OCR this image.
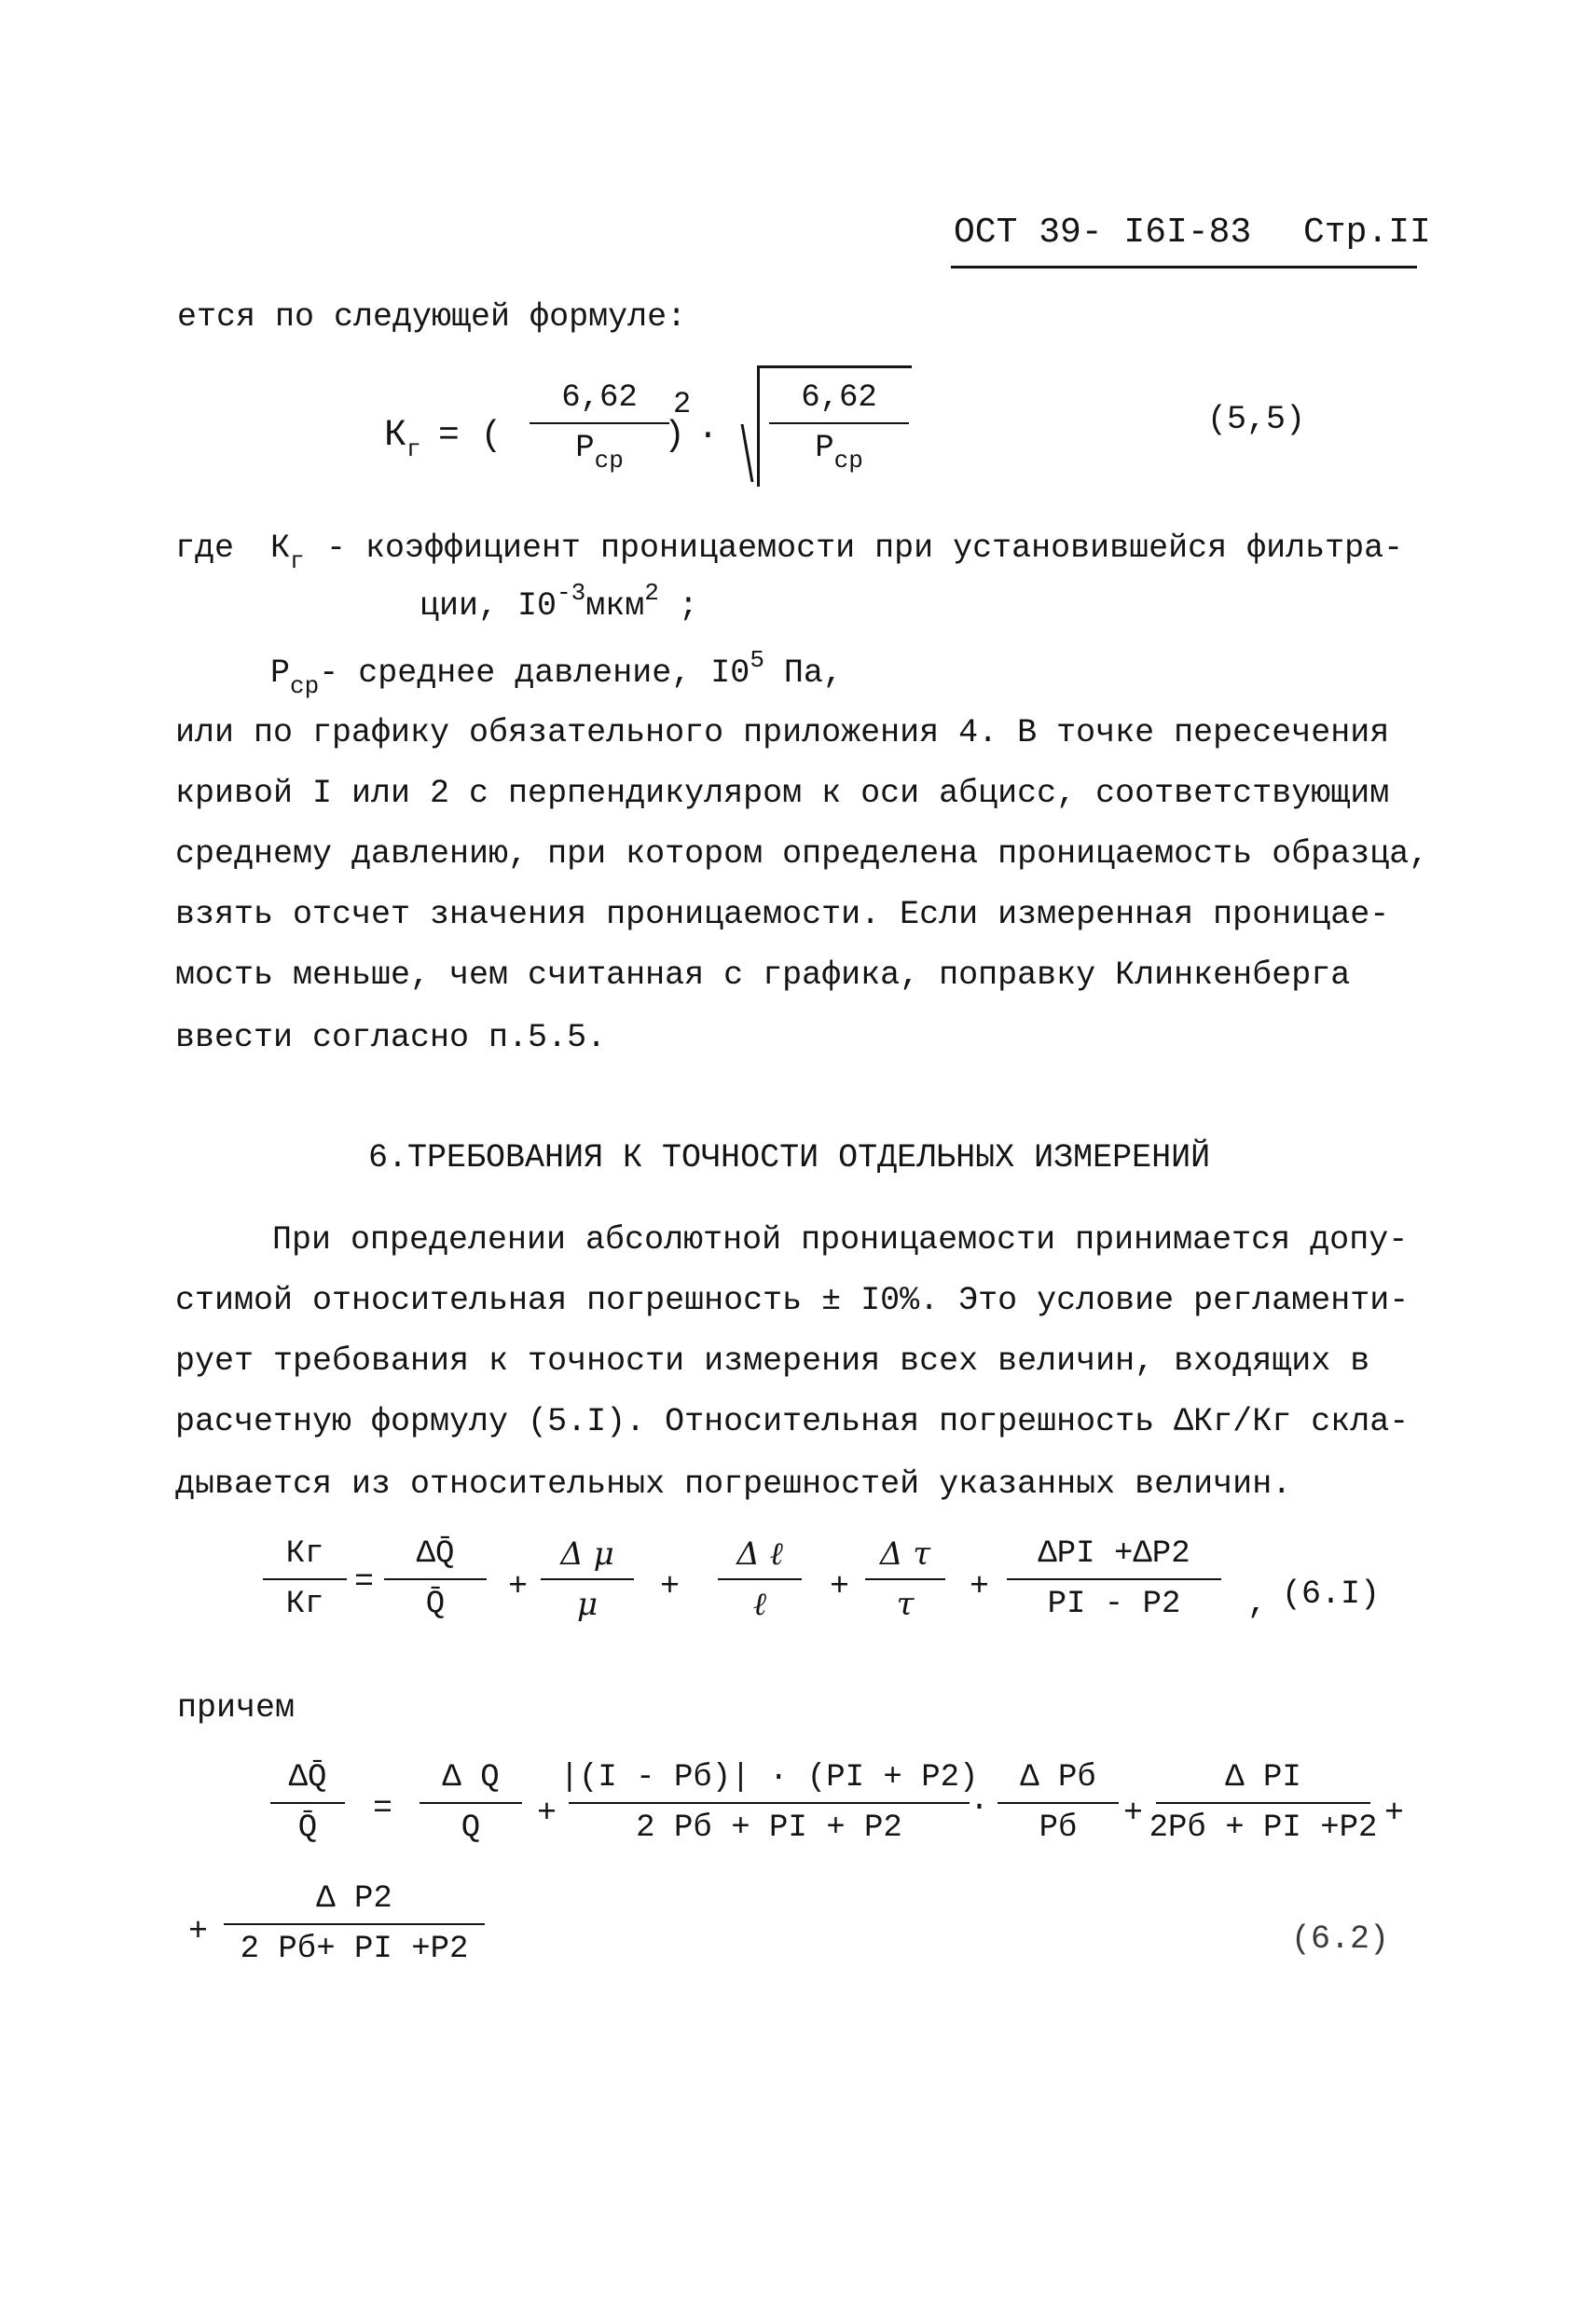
ОСТ 39- I6I-83 Стр.II
ется по следующей формуле:
$К_г$ = (
6,62
$P_{ср}$
)
2
·
6,62
$P_{ср}$
(5,5)
где $К_г$ - коэффициент проницаемости при установившейся фильтра-
ции, $I0^{-3}мкм^2$ ;
$P_{ср}-$ среднее давление, $I0^5$ Па,
или по графику обязательного приложения 4. В точке пересечения
кривой I или 2 с перпендикуляром к оси абцисс, соответствующим
среднему давлению, при котором определена проницаемость образца,
взять отсчет значения проницаемости. Если измеренная проницае-
мость меньше, чем считанная с графика, поправку Клинкенберга
ввести согласно п.5.5.
6.ТРЕБОВАНИЯ К ТОЧНОСТИ ОТДЕЛЬНЫХ ИЗМЕРЕНИЙ
При определении абсолютной проницаемости принимается допу-
стимой относительная погрешность ± I0%. Это условие регламенти-
рует требования к точности измерения всех величин, входящих в
расчетную формулу (5.I). Относительная погрешность ΔКг/Кг скла-
дывается из относительных погрешностей указанных величин.
Кг
Кг
=
ΔQ̄
Q̄ +
Δ μ
μ +
Δ ℓ
ℓ +
Δ τ
τ +
ΔPI +ΔP2
PI - P2 , (6.I)
причем
ΔQ̄
Q̄
=
Δ Q
Q +
|(I - Pб)| · (PI + P2)
2 Pб + PI + P2
·
Δ Pб
Pб +
Δ PI
2Pб + PI +P2 +
+
Δ P2
2 Pб+ PI +P2	(6.2)
